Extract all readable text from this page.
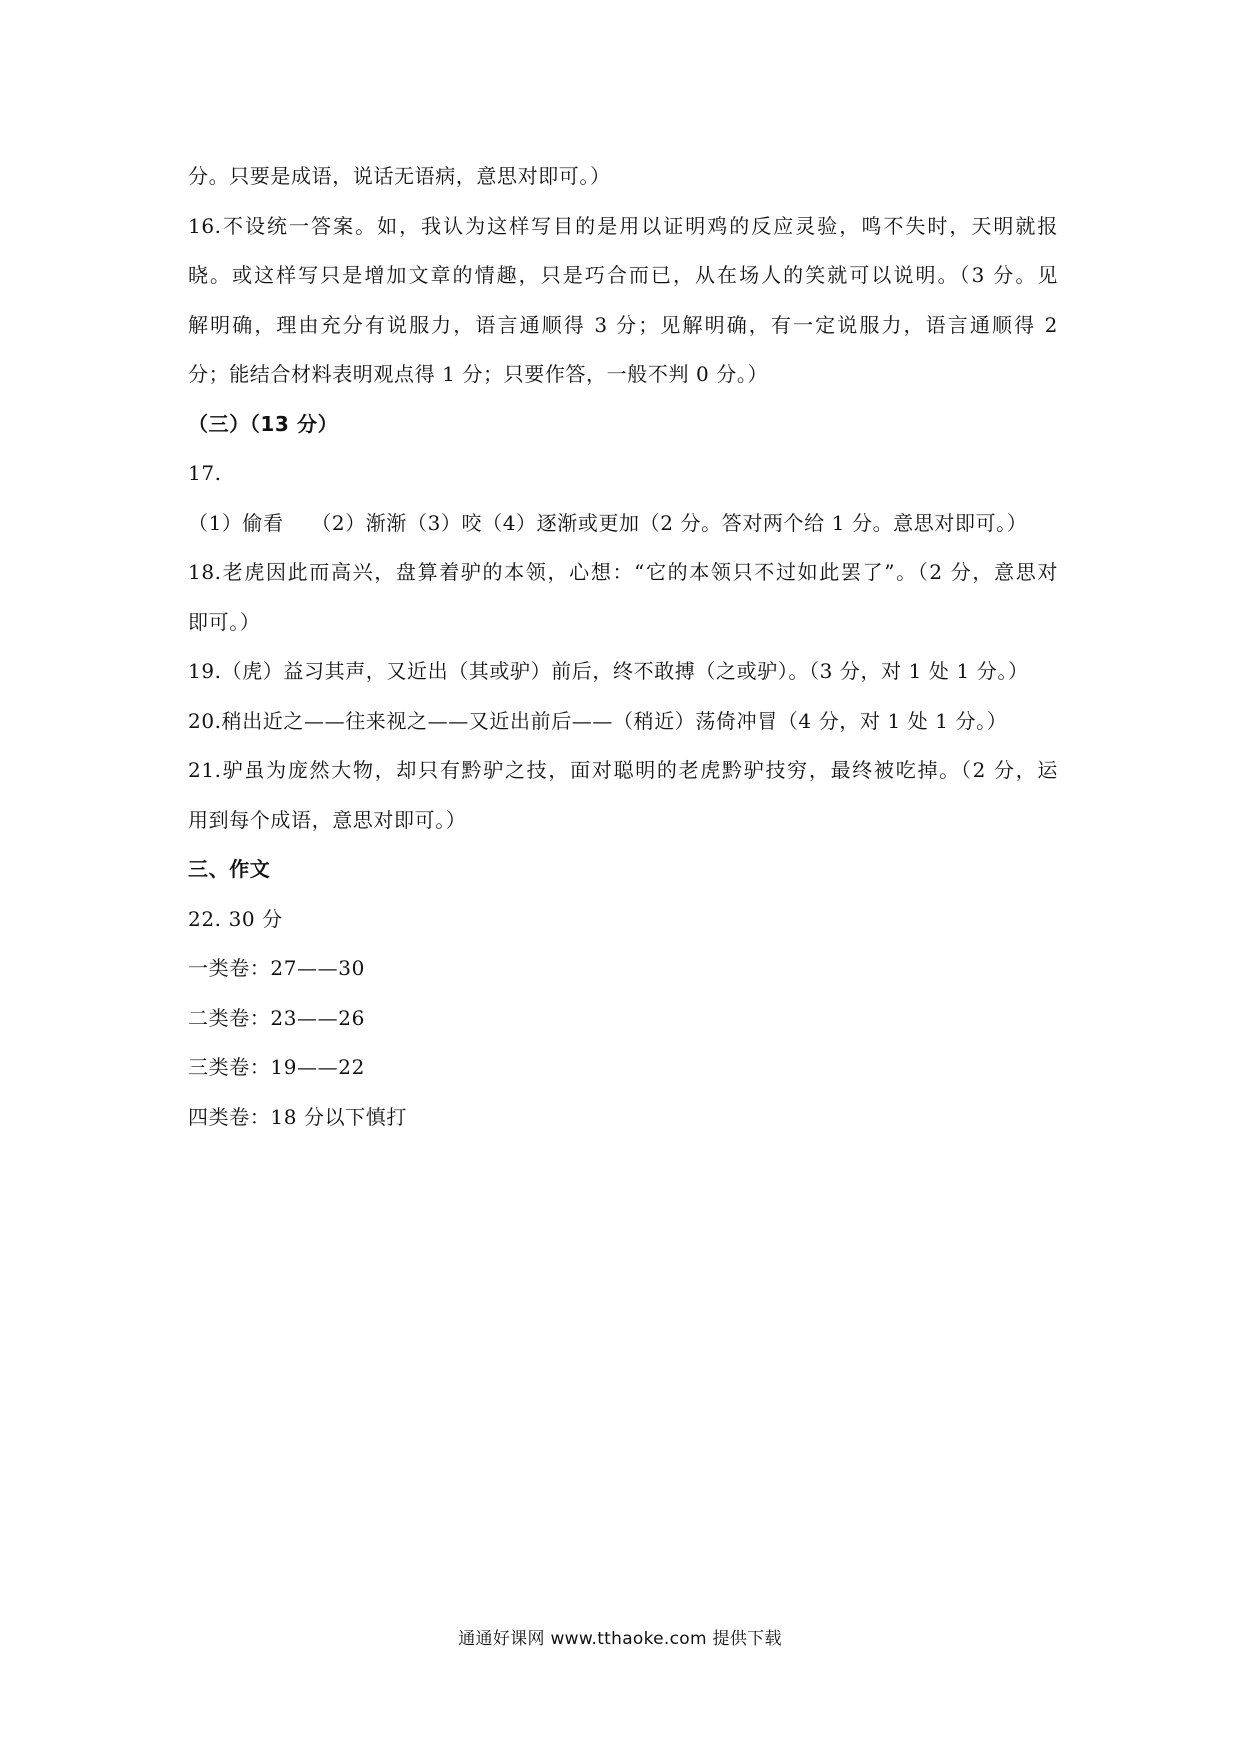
分。只要是成语，说话无语病，意思对即可。）
16.不设统一答案。如，我认为这样写目的是用以证明鸡的反应灵验，鸣不失时，天明就报
晓。或这样写只是增加文章的情趣，只是巧合而已，从在场人的笑就可以说明。（3 分。见
解明确，理由充分有说服力，语言通顺得 3 分；见解明确，有一定说服力，语言通顺得 2
分；能结合材料表明观点得 1 分；只要作答，一般不判 0 分。）
（三）（13 分）
17.
（1）偷看　 （2）渐渐（3）咬（4）逐渐或更加（2 分。答对两个给 1 分。意思对即可。）
18.老虎因此而高兴，盘算着驴的本领，心想：“它的本领只不过如此罢了”。（2 分，意思对
即可。）
19.（虎）益习其声，又近出（其或驴）前后，终不敢搏（之或驴）。（3 分，对 1 处 1 分。）
20.稍出近之——往来视之——又近出前后——（稍近）荡倚冲冒（4 分，对 1 处 1 分。）
21.驴虽为庞然大物，却只有黔驴之技，面对聪明的老虎黔驴技穷，最终被吃掉。（2 分，运
用到每个成语，意思对即可。）
三、作文
22. 30 分
一类卷：27——30
二类卷：23——26
三类卷：19——22
四类卷：18 分以下慎打
通通好课网 www.tthaoke.com 提供下载
